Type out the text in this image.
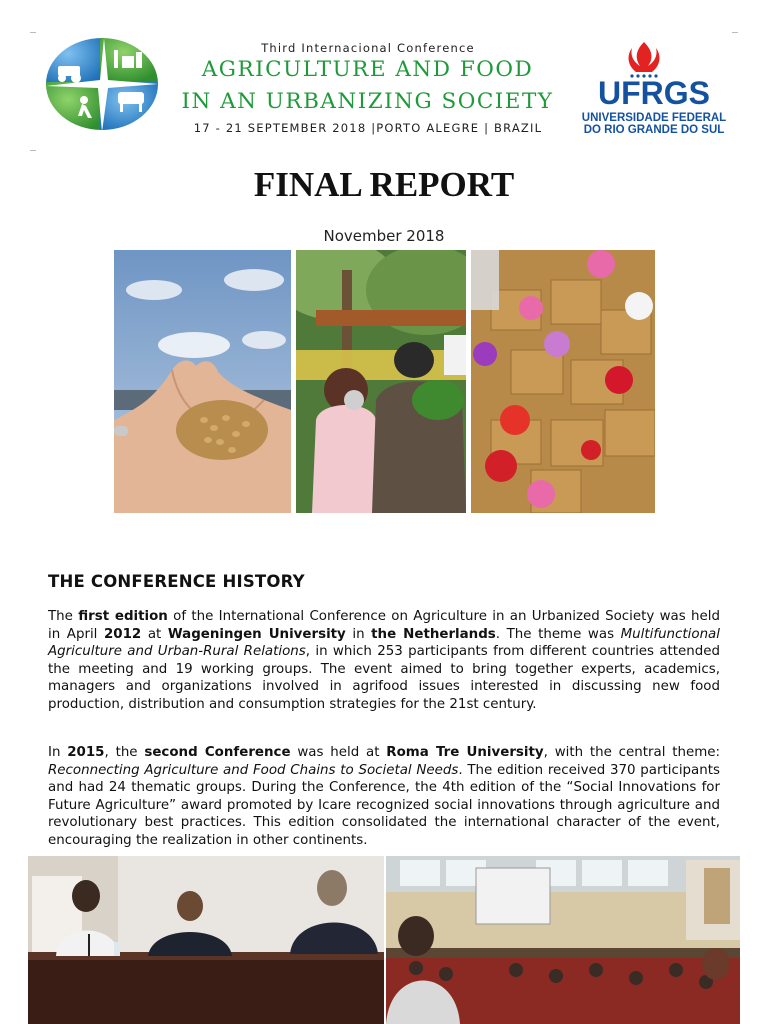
Third Internacional Conference
AGRICULTURE AND FOOD
IN AN URBANIZING SOCIETY
17 - 21 SEPTEMBER 2018 |PORTO ALEGRE | BRAZIL
UFRGS
UNIVERSIDADE FEDERAL
DO RIO GRANDE DO SUL
FINAL REPORT
November 2018
THE CONFERENCE HISTORY

The first edition of the International Conference on Agriculture in an Urbanized Society was held in April 2012 at Wageningen University in the Netherlands. The theme was Multifunctional Agriculture and Urban-Rural Relations, in which 253 participants from different countries attended the meeting and 19 working groups. The event aimed to bring together experts, academics, managers and organizations involved in agrifood issues interested in discussing new food production, distribution and consumption strategies for the 21st century.

In 2015, the second Conference was held at Roma Tre University, with the central theme: Reconnecting Agriculture and Food Chains to Societal Needs. The edition received 370 participants and had 24 thematic groups. During the Conference, the 4th edition of the “Social Innovations for Future Agriculture” award promoted by Icare recognized social innovations through agriculture and revolutionary best practices. This edition consolidated the international character of the event, encouraging the realization in other continents.
